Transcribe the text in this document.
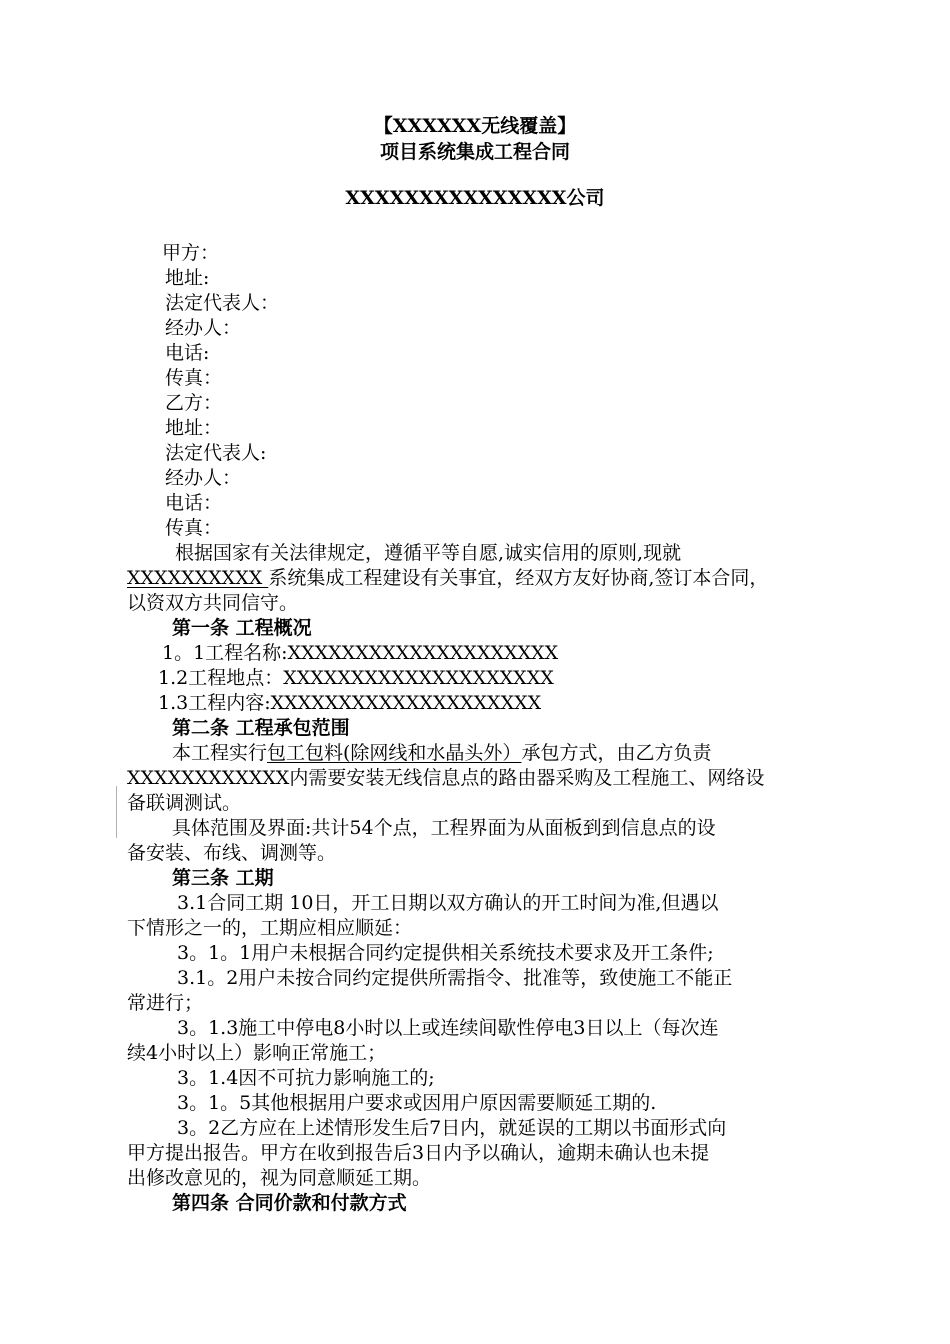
【XXXXXX无线覆盖】
项目系统集成工程合同
XXXXXXXXXXXXXXX公司
甲方：
地址:
法定代表人：
经办人：
电话:
传真：
乙方：
地址：
法定代表人:
经办人：
电话：
传真：
根据国家有关法律规定，遵循平等自愿,诚实信用的原则,现就
XXXXXXXXXX 系统集成工程建设有关事宜，经双方友好协商,签订本合同，
以资双方共同信守。
第一条 工程概况
1。1工程名称:XXXXXXXXXXXXXXXXXXXX
1.2工程地点：XXXXXXXXXXXXXXXXXXXX
1.3工程内容:XXXXXXXXXXXXXXXXXXXX
第二条 工程承包范围
本工程实行包工包料(除网线和水晶头外）承包方式，由乙方负责
XXXXXXXXXXXX内需要安装无线信息点的路由器采购及工程施工、网络设
备联调测试。
具体范围及界面:共计54个点，工程界面为从面板到到信息点的设
备安装、布线、调测等。
第三条 工期
3.1合同工期 10日，开工日期以双方确认的开工时间为准,但遇以
下情形之一的，工期应相应顺延：
3。1。1用户未根据合同约定提供相关系统技术要求及开工条件;
3.1。2用户未按合同约定提供所需指令、批准等，致使施工不能正
常进行；
3。1.3施工中停电8小时以上或连续间歇性停电3日以上（每次连
续4小时以上）影响正常施工；
3。1.4因不可抗力影响施工的;
3。1。5其他根据用户要求或因用户原因需要顺延工期的.
3。2乙方应在上述情形发生后7日内，就延误的工期以书面形式向
甲方提出报告。甲方在收到报告后3日内予以确认，逾期未确认也未提
出修改意见的，视为同意顺延工期。
第四条 合同价款和付款方式
